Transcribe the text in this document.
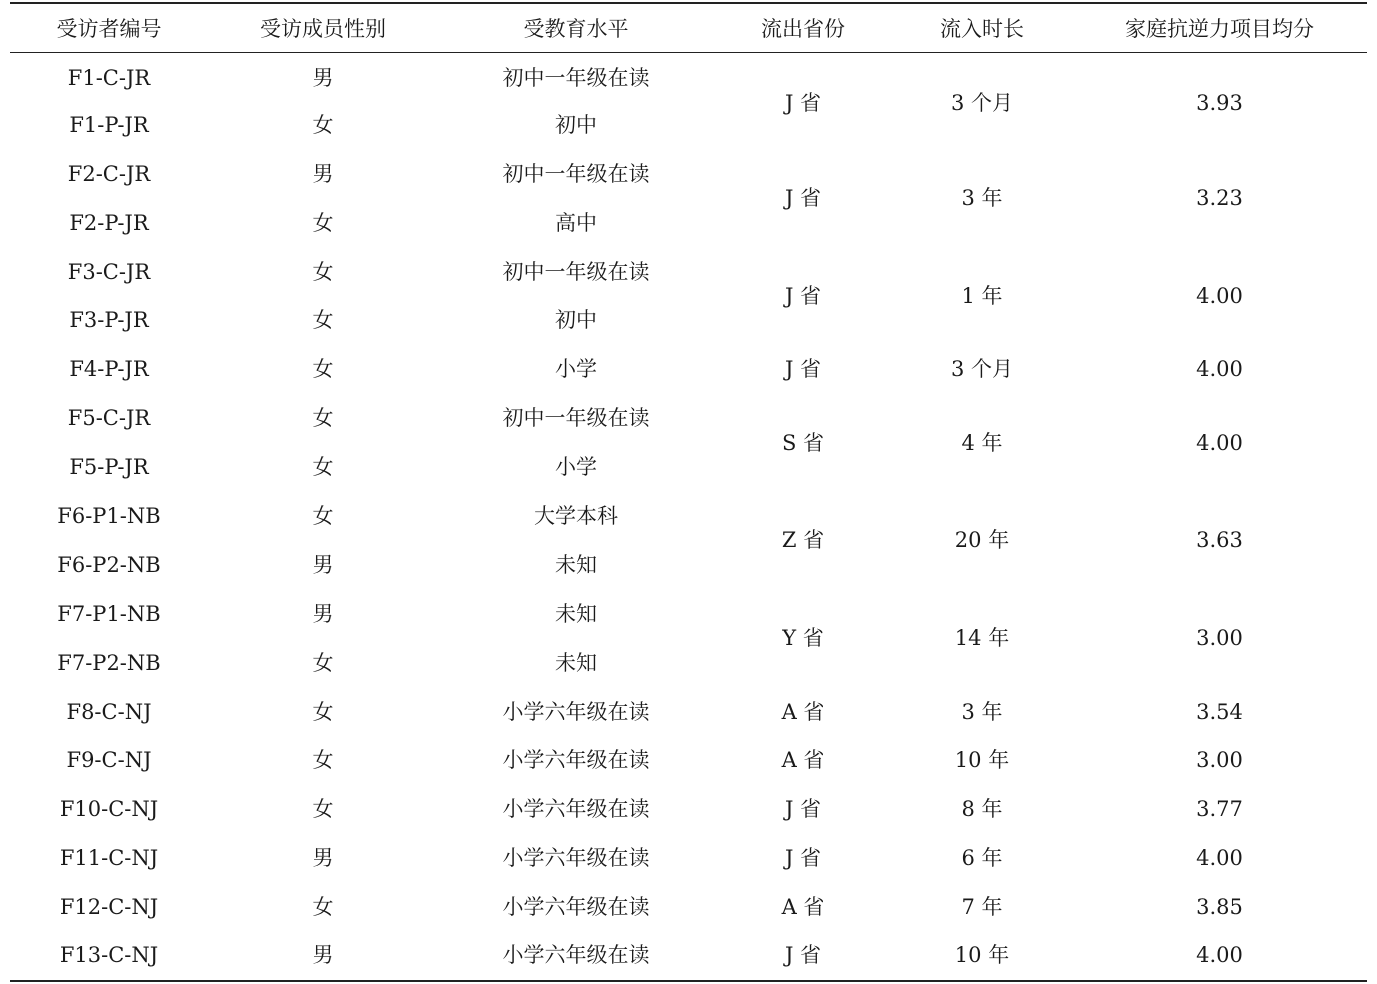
受访者编号	受访成员性别	受教育水平	流出省份	流入时长	家庭抗逆力项目均分
F1-C-JR	男	初中一年级在读	J 省	3 个月	3.93
F1-P-JR	女	初中			
F2-C-JR	男	初中一年级在读	J 省	3 年	3.23
F2-P-JR	女	高中			
F3-C-JR	女	初中一年级在读	J 省	1 年	4.00
F3-P-JR	女	初中			
F4-P-JR	女	小学	J 省	3 个月	4.00
F5-C-JR	女	初中一年级在读	S 省	4 年	4.00
F5-P-JR	女	小学			
F6-P1-NB	女	大学本科	Z 省	20 年	3.63
F6-P2-NB	男	未知			
F7-P1-NB	男	未知	Y 省	14 年	3.00
F7-P2-NB	女	未知			
F8-C-NJ	女	小学六年级在读	A 省	3 年	3.54
F9-C-NJ	女	小学六年级在读	A 省	10 年	3.00
F10-C-NJ	女	小学六年级在读	J 省	8 年	3.77
F11-C-NJ	男	小学六年级在读	J 省	6 年	4.00
F12-C-NJ	女	小学六年级在读	A 省	7 年	3.85
F13-C-NJ	男	小学六年级在读	J 省	10 年	4.00
